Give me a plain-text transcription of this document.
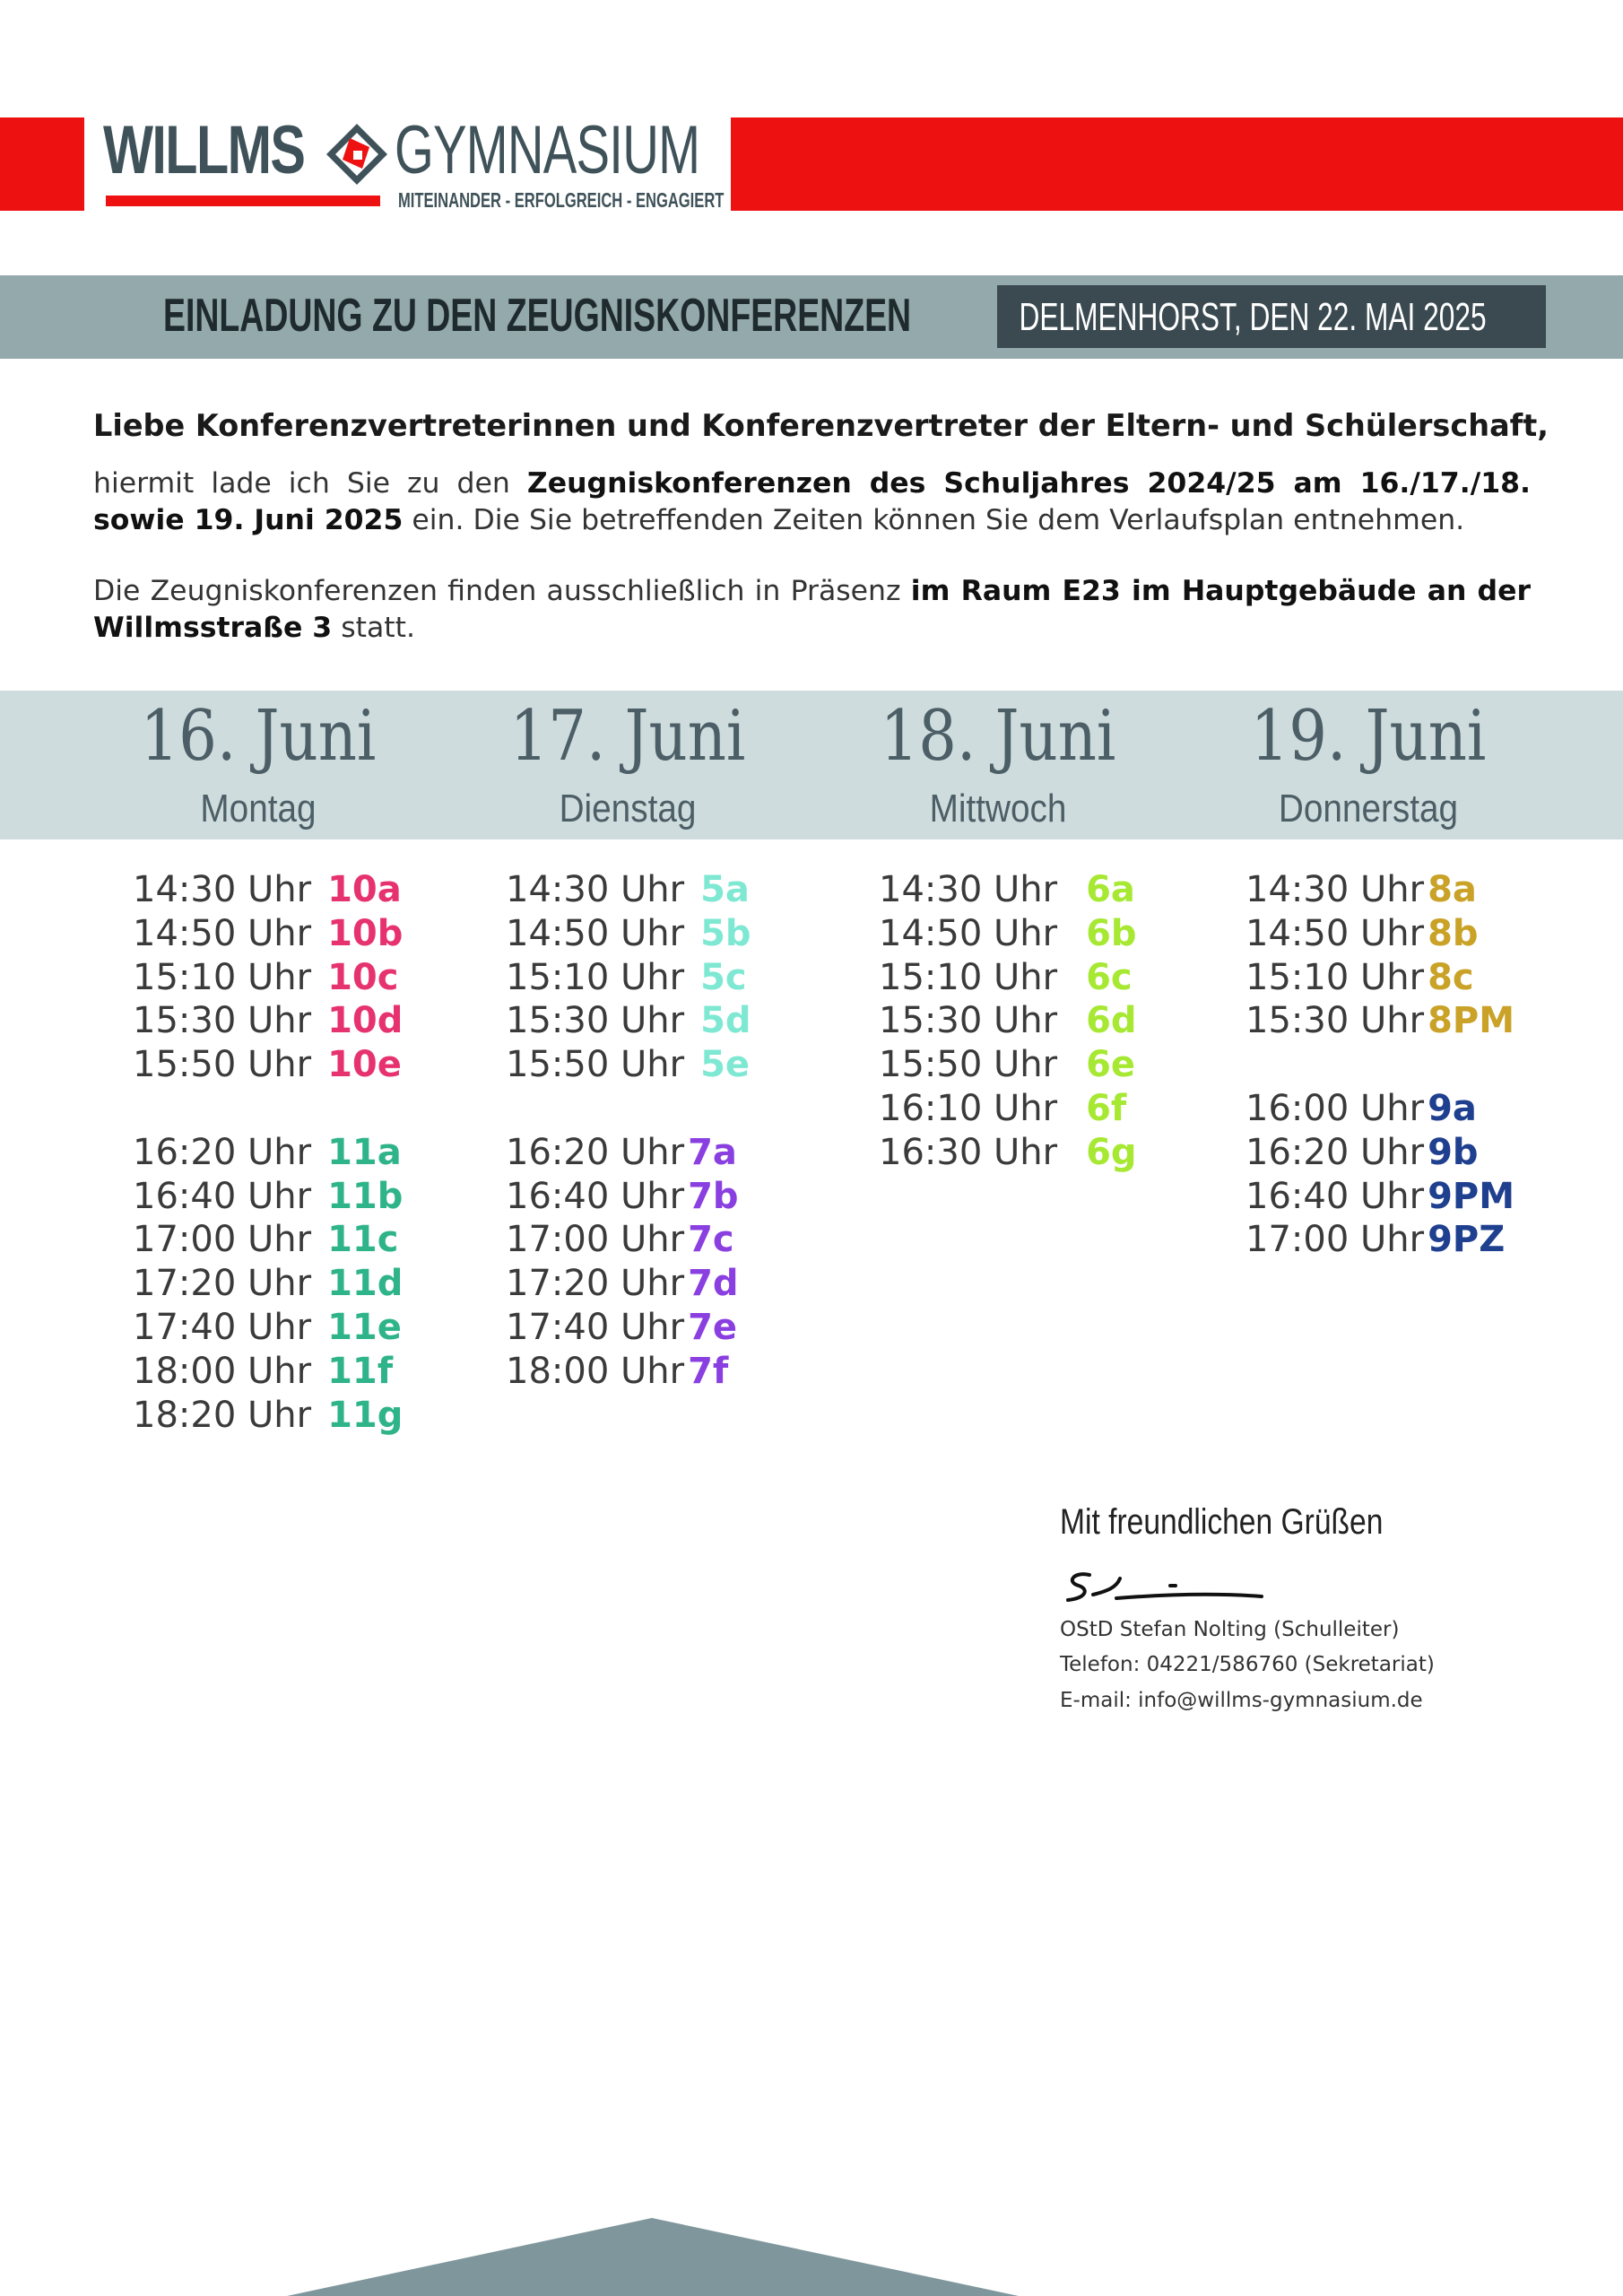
WILLMS GYMNASIUM
MITEINANDER - ERFOLGREICH - ENGAGIERT
EINLADUNG ZU DEN ZEUGNISKONFERENZEN	DELMENHORST, DEN 22. MAI 2025
Liebe Konferenzvertreterinnen und Konferenzvertreter der Eltern- und Schülerschaft,
hiermit lade ich Sie zu den Zeugniskonferenzen des Schuljahres 2024/25 am 16./17./18. sowie 19. Juni 2025 ein. Die Sie betreffenden Zeiten können Sie dem Verlaufsplan entnehmen.
Die Zeugniskonferenzen finden ausschließlich in Präsenz im Raum E23 im Hauptgebäude an der Willmsstraße 3 statt.
16. Juni
Montag
17. Juni
Dienstag
18. Juni
Mittwoch
19. Juni
Donnerstag
14:30 Uhr 10a
14:50 Uhr 10b
15:10 Uhr 10c
15:30 Uhr 10d
15:50 Uhr 10e
16:20 Uhr 11a
16:40 Uhr 11b
17:00 Uhr 11c
17:20 Uhr 11d
17:40 Uhr 11e
18:00 Uhr 11f
18:20 Uhr 11g
14:30 Uhr 5a
14:50 Uhr 5b
15:10 Uhr 5c
15:30 Uhr 5d
15:50 Uhr 5e
16:20 Uhr 7a
16:40 Uhr 7b
17:00 Uhr 7c
17:20 Uhr 7d
17:40 Uhr 7e
18:00 Uhr 7f
14:30 Uhr 6a
14:50 Uhr 6b
15:10 Uhr 6c
15:30 Uhr 6d
15:50 Uhr 6e
16:10 Uhr 6f
16:30 Uhr 6g
14:30 Uhr 8a
14:50 Uhr 8b
15:10 Uhr 8c
15:30 Uhr 8PM
16:00 Uhr 9a
16:20 Uhr 9b
16:40 Uhr 9PM
17:00 Uhr 9PZ
Mit freundlichen Grüßen
OStD Stefan Nolting (Schulleiter)
Telefon: 04221/586760 (Sekretariat)
E-mail: info@willms-gymnasium.de
